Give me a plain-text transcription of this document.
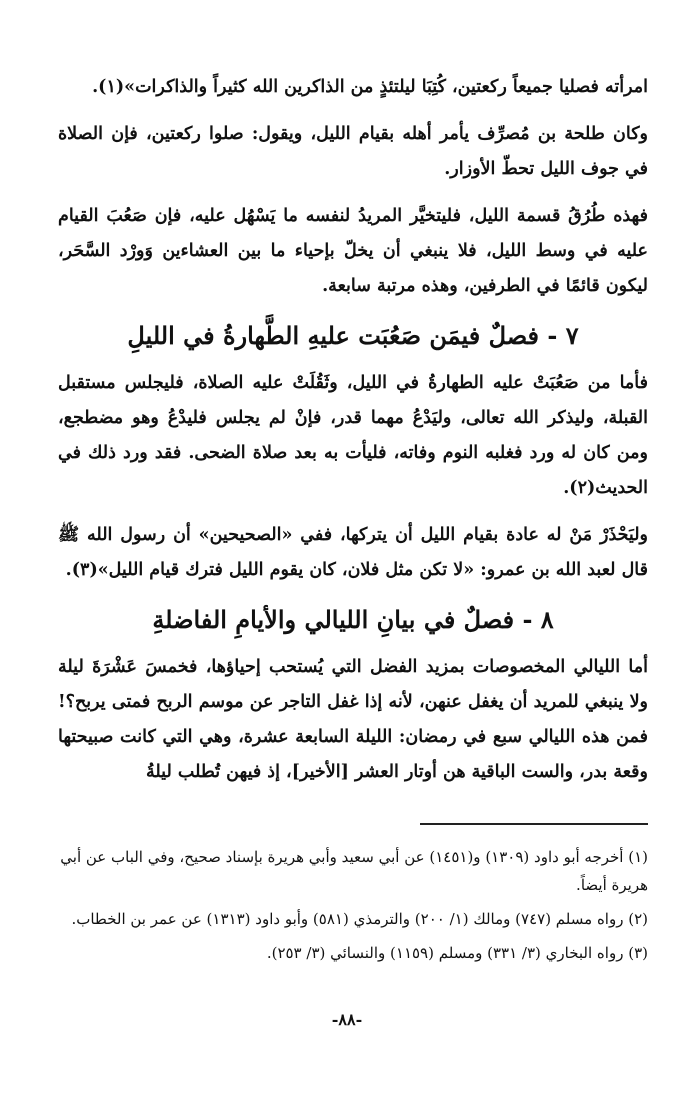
امرأته فصليا جميعاً ركعتين، كُتِبَا ليلتئذٍ من الذاكرين الله كثيراً والذاكرات»(١).

وكان طلحة بن مُصرِّف يأمر أهله بقيام الليل، ويقول: صلوا ركعتين، فإن الصلاة في جوف الليل تحطّ الأوزار.

فهذه طُرُقُ قسمة الليل، فليتخيَّر المريدُ لنفسه ما يَسْهُل عليه، فإن صَعُبَ القيام عليه في وسط الليل، فلا ينبغي أن يخلّ بإحياء ما بين العشاءين وَورْد السَّحَر، ليكون قائمًا في الطرفين، وهذه مرتبة سابعة.

٧ - فصلٌ فيمَن صَعُبَت عليهِ الطَّهارةُ في الليلِ

فأما من صَعُبَتْ عليه الطهارةُ في الليل، وثَقُلَتْ عليه الصلاة، فليجلس مستقبل القبلة، وليذكر الله تعالى، وليَدْعُ مهما قدر، فإنْ لم يجلس فليدْعُ وهو مضطجع، ومن كان له ورد فغلبه النوم وفاته، فليأت به بعد صلاة الضحى. فقد ورد ذلك في الحديث(٢).

وليَحْذَرْ مَنْ له عادة بقيام الليل أن يتركها، ففي «الصحيحين» أن رسول الله ﷺ قال لعبد الله بن عمرو: «لا تكن مثل فلان، كان يقوم الليل فترك قيام الليل»(٣).

٨ - فصلٌ في بيانِ الليالي والأيامِ الفاضلةِ

أما الليالي المخصوصات بمزيد الفضل التي يُستحب إحياؤها، فخمسَ عَشْرَةَ ليلة ولا ينبغي للمريد أن يغفل عنهن، لأنه إذا غفل التاجر عن موسم الربح فمتى يربح؟! فمن هذه الليالي سبع في رمضان: الليلة السابعة عشرة، وهي التي كانت صبيحتها وقعة بدر، والست الباقية هن أوتار العشر [الأخير]، إذ فيهن تُطلب ليلةُ

(١) أخرجه أبو داود (١٣٠٩) و(١٤٥١) عن أبي سعيد وأبي هريرة بإسناد صحيح، وفي الباب عن أبي هريرة أيضاً.

(٢) رواه مسلم (٧٤٧) ومالك (١/ ٢٠٠) والترمذي (٥٨١) وأبو داود (١٣١٣) عن عمر بن الخطاب.

(٣) رواه البخاري (٣/ ٣٣١) ومسلم (١١٥٩) والنسائي (٣/ ٢٥٣).

-٨٨-
